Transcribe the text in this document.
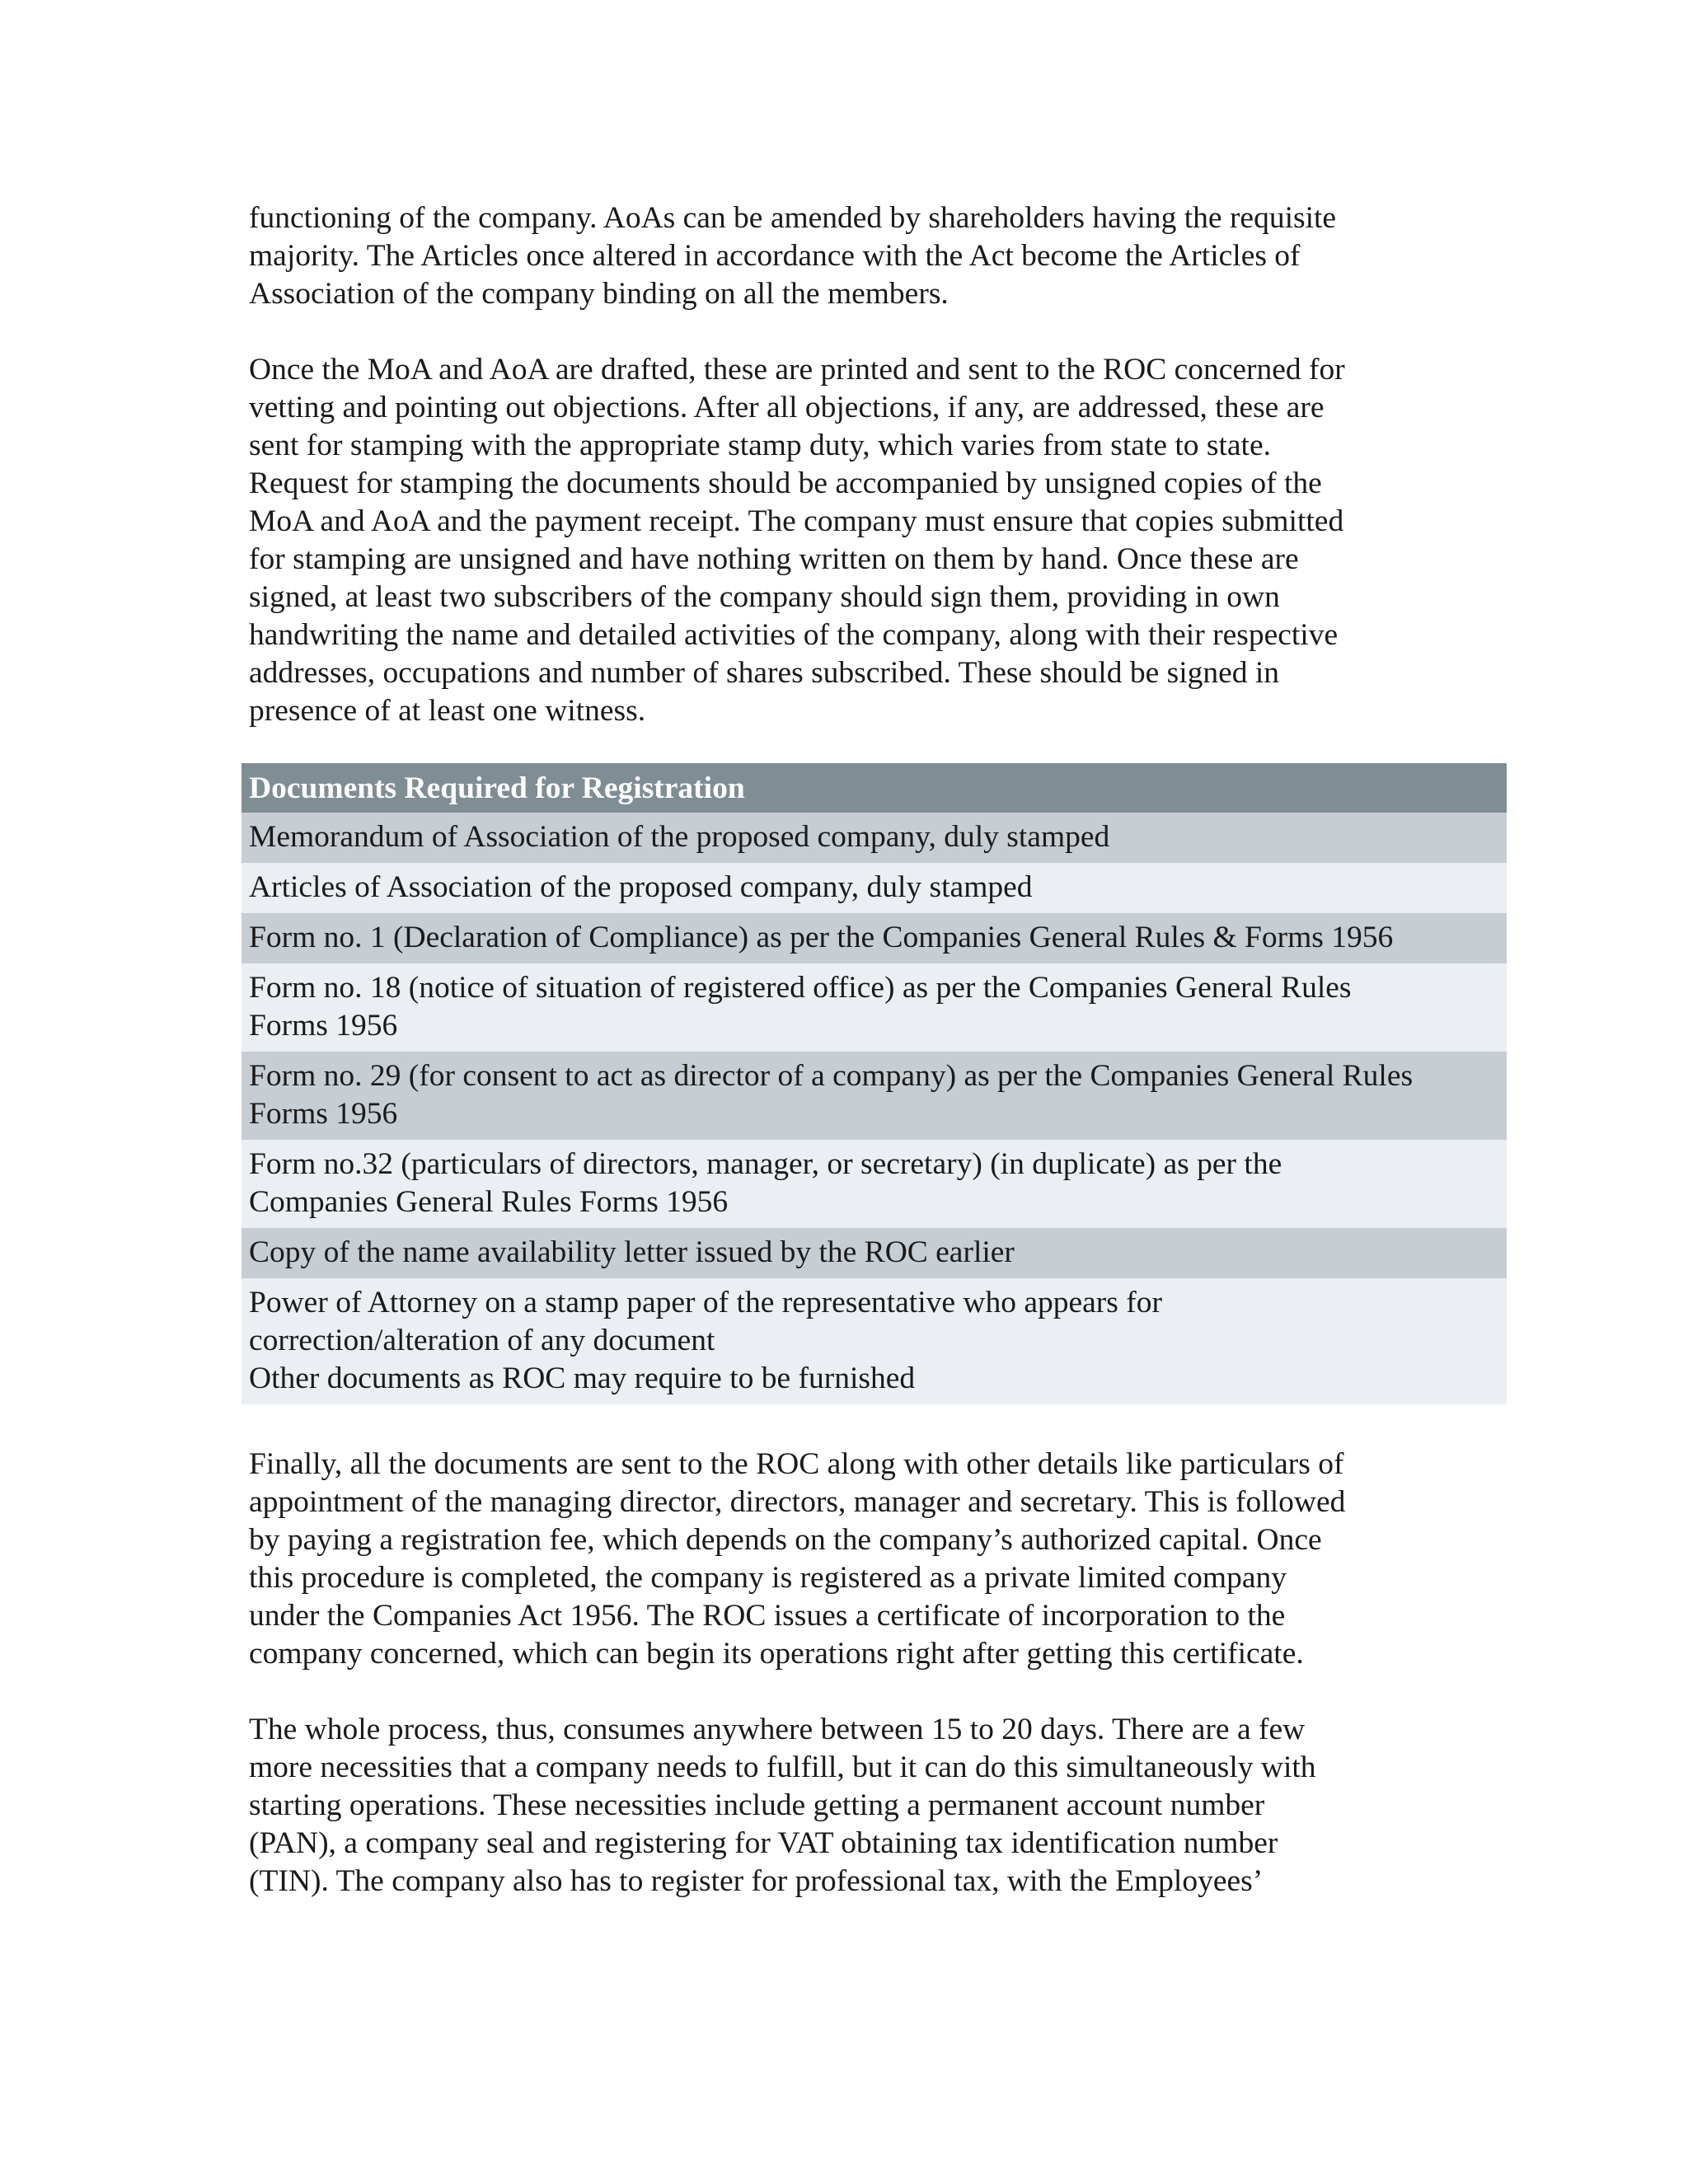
functioning of the company. AoAs can be amended by shareholders having the requisite
majority. The Articles once altered in accordance with the Act become the Articles of
Association of the company binding on all the members.

Once the MoA and AoA are drafted, these are printed and sent to the ROC concerned for
vetting and pointing out objections. After all objections, if any, are addressed, these are
sent for stamping with the appropriate stamp duty, which varies from state to state.
Request for stamping the documents should be accompanied by unsigned copies of the
MoA and AoA and the payment receipt. The company must ensure that copies submitted
for stamping are unsigned and have nothing written on them by hand. Once these are
signed, at least two subscribers of the company should sign them, providing in own
handwriting the name and detailed activities of the company, along with their respective
addresses, occupations and number of shares subscribed. These should be signed in
presence of at least one witness.

Documents Required for Registration
Memorandum of Association of the proposed company, duly stamped
Articles of Association of the proposed company, duly stamped
Form no. 1 (Declaration of Compliance) as per the Companies General Rules & Forms 1956
Form no. 18 (notice of situation of registered office) as per the Companies General Rules
Forms 1956
Form no. 29 (for consent to act as director of a company) as per the Companies General Rules
Forms 1956
Form no.32 (particulars of directors, manager, or secretary) (in duplicate) as per the
Companies General Rules Forms 1956
Copy of the name availability letter issued by the ROC earlier
Power of Attorney on a stamp paper of the representative who appears for
correction/alteration of any document
Other documents as ROC may require to be furnished

Finally, all the documents are sent to the ROC along with other details like particulars of
appointment of the managing director, directors, manager and secretary. This is followed
by paying a registration fee, which depends on the company’s authorized capital. Once
this procedure is completed, the company is registered as a private limited company
under the Companies Act 1956. The ROC issues a certificate of incorporation to the
company concerned, which can begin its operations right after getting this certificate.

The whole process, thus, consumes anywhere between 15 to 20 days. There are a few
more necessities that a company needs to fulfill, but it can do this simultaneously with
starting operations. These necessities include getting a permanent account number
(PAN), a company seal and registering for VAT obtaining tax identification number
(TIN). The company also has to register for professional tax, with the Employees’
